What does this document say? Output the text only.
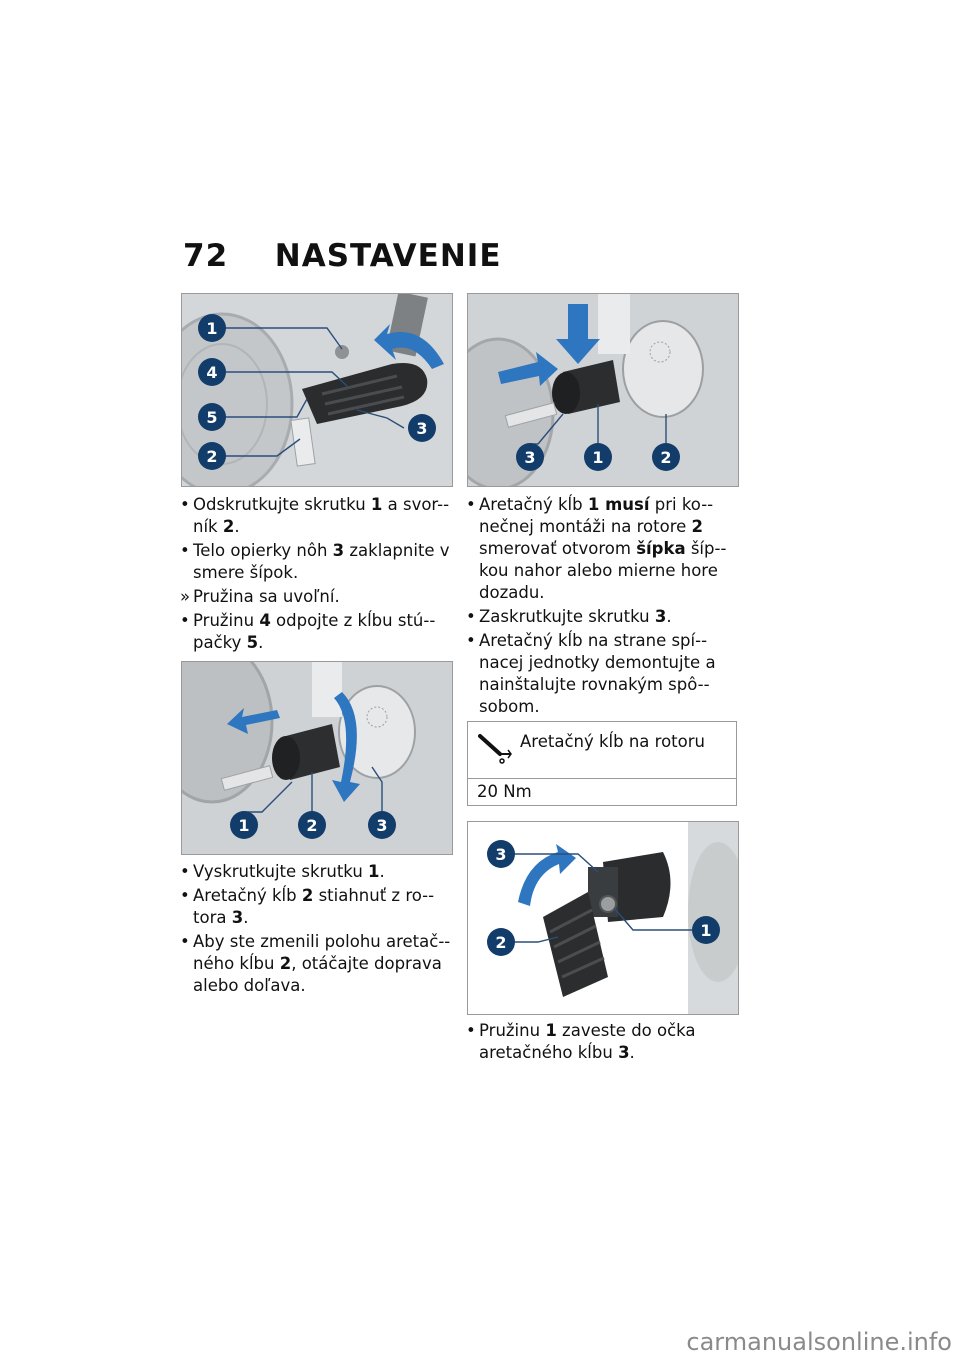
72 NASTAVENIE
1
4
5
2
3
• Odskrutkujte skrutku 1 a svor-ník 2.
• Telo opierky nôh 3 zaklapnite v smere šípok.
» Pružina sa uvoľní.
• Pružinu 4 odpojte z kĺbu stú-pačky 5.
1	2	3
• Vyskrutkujte skrutku 1.
• Aretačný kĺb 2 stiahnuť z ro-tora 3.
• Aby ste zmenili polohu aretač-ného kĺbu 2, otáčajte doprava alebo doľava.
3	1	2
• Aretačný kĺb 1 musí pri ko-nečnej montáži na rotore 2 smerovať otvorom šípka šíp-kou nahor alebo mierne hore dozadu.
• Zaskrutkujte skrutku 3.
• Aretačný kĺb na strane spí-nacej jednotky demontujte a nainštalujte rovnakým spô-sobom.
Aretačný kĺb na rotoru
20 Nm
3
2
1
• Pružinu 1 zaveste do očka aretačného kĺbu 3.
carmanualsonline.info
